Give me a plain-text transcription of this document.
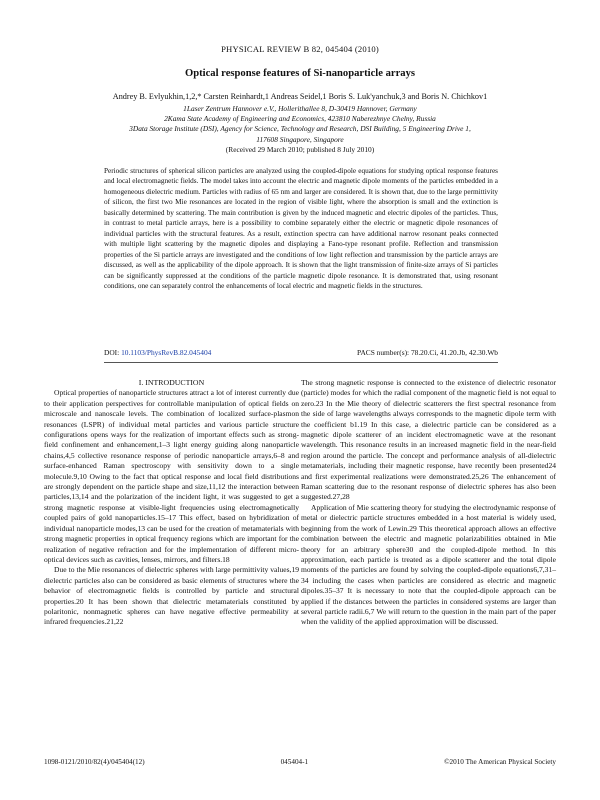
PHYSICAL REVIEW B 82, 045404 (2010)
Optical response features of Si-nanoparticle arrays
Andrey B. Evlyukhin,1,2,* Carsten Reinhardt,1 Andreas Seidel,1 Boris S. Luk'yanchuk,3 and Boris N. Chichkov1
1Laser Zentrum Hannover e.V., Hollerithallee 8, D-30419 Hannover, Germany
2Kama State Academy of Engineering and Economics, 423810 Naberezhnye Chelny, Russia
3Data Storage Institute (DSI), Agency for Science, Technology and Research, DSI Building, 5 Engineering Drive 1,
117608 Singapore, Singapore
(Received 29 March 2010; published 8 July 2010)
Periodic structures of spherical silicon particles are analyzed using the coupled-dipole equations for studying optical response features and local electromagnetic fields. The model takes into account the electric and magnetic dipole moments of the particles embedded in a homogeneous dielectric medium. Particles with radius of 65 nm and larger are considered. It is shown that, due to the large permittivity of silicon, the first two Mie resonances are located in the region of visible light, where the absorption is small and the extinction is basically determined by scattering. The main contribution is given by the induced magnetic and electric dipoles of the particles. Thus, in contrast to metal particle arrays, here is a possibility to combine separately either the electric or magnetic dipole resonances of individual particles with the structural features. As a result, extinction spectra can have additional narrow resonant peaks connected with multiple light scattering by the magnetic dipoles and displaying a Fano-type resonant profile. Reflection and transmission properties of the Si particle arrays are investigated and the conditions of low light reflection and transmission by the particle arrays are discussed, as well as the applicability of the dipole approach. It is shown that the light transmission of finite-size arrays of Si particles can be significantly suppressed at the conditions of the particle magnetic dipole resonance. It is demonstrated that, using resonant conditions, one can separately control the enhancements of local electric and magnetic fields in the structures.
DOI: 10.1103/PhysRevB.82.045404	PACS number(s): 78.20.Ci, 41.20.Jb, 42.30.Wb

I. INTRODUCTION

Optical properties of nanoparticle structures attract a lot of interest currently due to their application perspectives for controllable manipulation of optical fields on microscale and nanoscale levels. The combination of localized surface-plasmon resonances (LSPR) of individual metal particles and various particle structure configurations opens ways for the realization of important effects such as strong-field confinement and enhancement,1–3 light energy guiding along nanoparticle chains,4,5 collective resonance response of periodic nanoparticle arrays,6–8 and surface-enhanced Raman spectroscopy with sensitivity down to a single molecule.9,10 Owing to the fact that optical response and local field distributions are strongly dependent on the particle shape and size,11,12 the interaction between particles,13,14 and the polarization of the incident light, it was suggested to get a strong magnetic response at visible-light frequencies using electromagnetically coupled pairs of gold nanoparticles.15–17 This effect, based on hybridization of individual nanoparticle modes,13 can be used for the creation of metamaterials with strong magnetic properties in optical frequency regions which are important for the realization of negative refraction and for the implementation of different micro-optical devices such as cavities, lenses, mirrors, and filters.18

Due to the Mie resonances of dielectric spheres with large permittivity values,19 dielectric particles also can be considered as basic elements of structures where the behavior of electromagnetic fields is controlled by particle and structural properties.20 It has been shown that dielectric metamaterials constituted by polaritonic, nonmagnetic spheres can have negative effective permeability at infrared frequencies.21,22

The strong magnetic response is connected to the existence of dielectric resonator (particle) modes for which the radial component of the magnetic field is not equal to zero.23 In the Mie theory of dielectric scatterers the first spectral resonance from the side of large wavelengths always corresponds to the magnetic dipole term with the coefficient b1.19 In this case, a dielectric particle can be considered as a magnetic dipole scatterer of an incident electromagnetic wave at the resonant wavelength. This resonance results in an increased magnetic field in the near-field region around the particle. The concept and performance analysis of all-dielectric metamaterials, including their magnetic response, have recently been presented24 and first experimental realizations were demonstrated.25,26 The enhancement of Raman scattering due to the resonant response of dielectric spheres has also been suggested.27,28

Application of Mie scattering theory for studying the electrodynamic response of metal or dielectric particle structures embedded in a host material is widely used, beginning from the work of Lewin.29 This theoretical approach allows an effective combination between the electric and magnetic polarizabilities obtained in Mie theory for an arbitrary sphere30 and the coupled-dipole method. In this approximation, each particle is treated as a dipole scatterer and the total dipole moments of the particles are found by solving the coupled-dipole equations6,7,31–34 including the cases when particles are considered as electric and magnetic dipoles.35–37 It is necessary to note that the coupled-dipole approach can be applied if the distances between the particles in considered systems are larger than several particle radii.6,7 We will return to the question in the main part of the paper when the validity of the applied approximation will be discussed.

1098-0121/2010/82(4)/045404(12)	045404-1	©2010 The American Physical Society
